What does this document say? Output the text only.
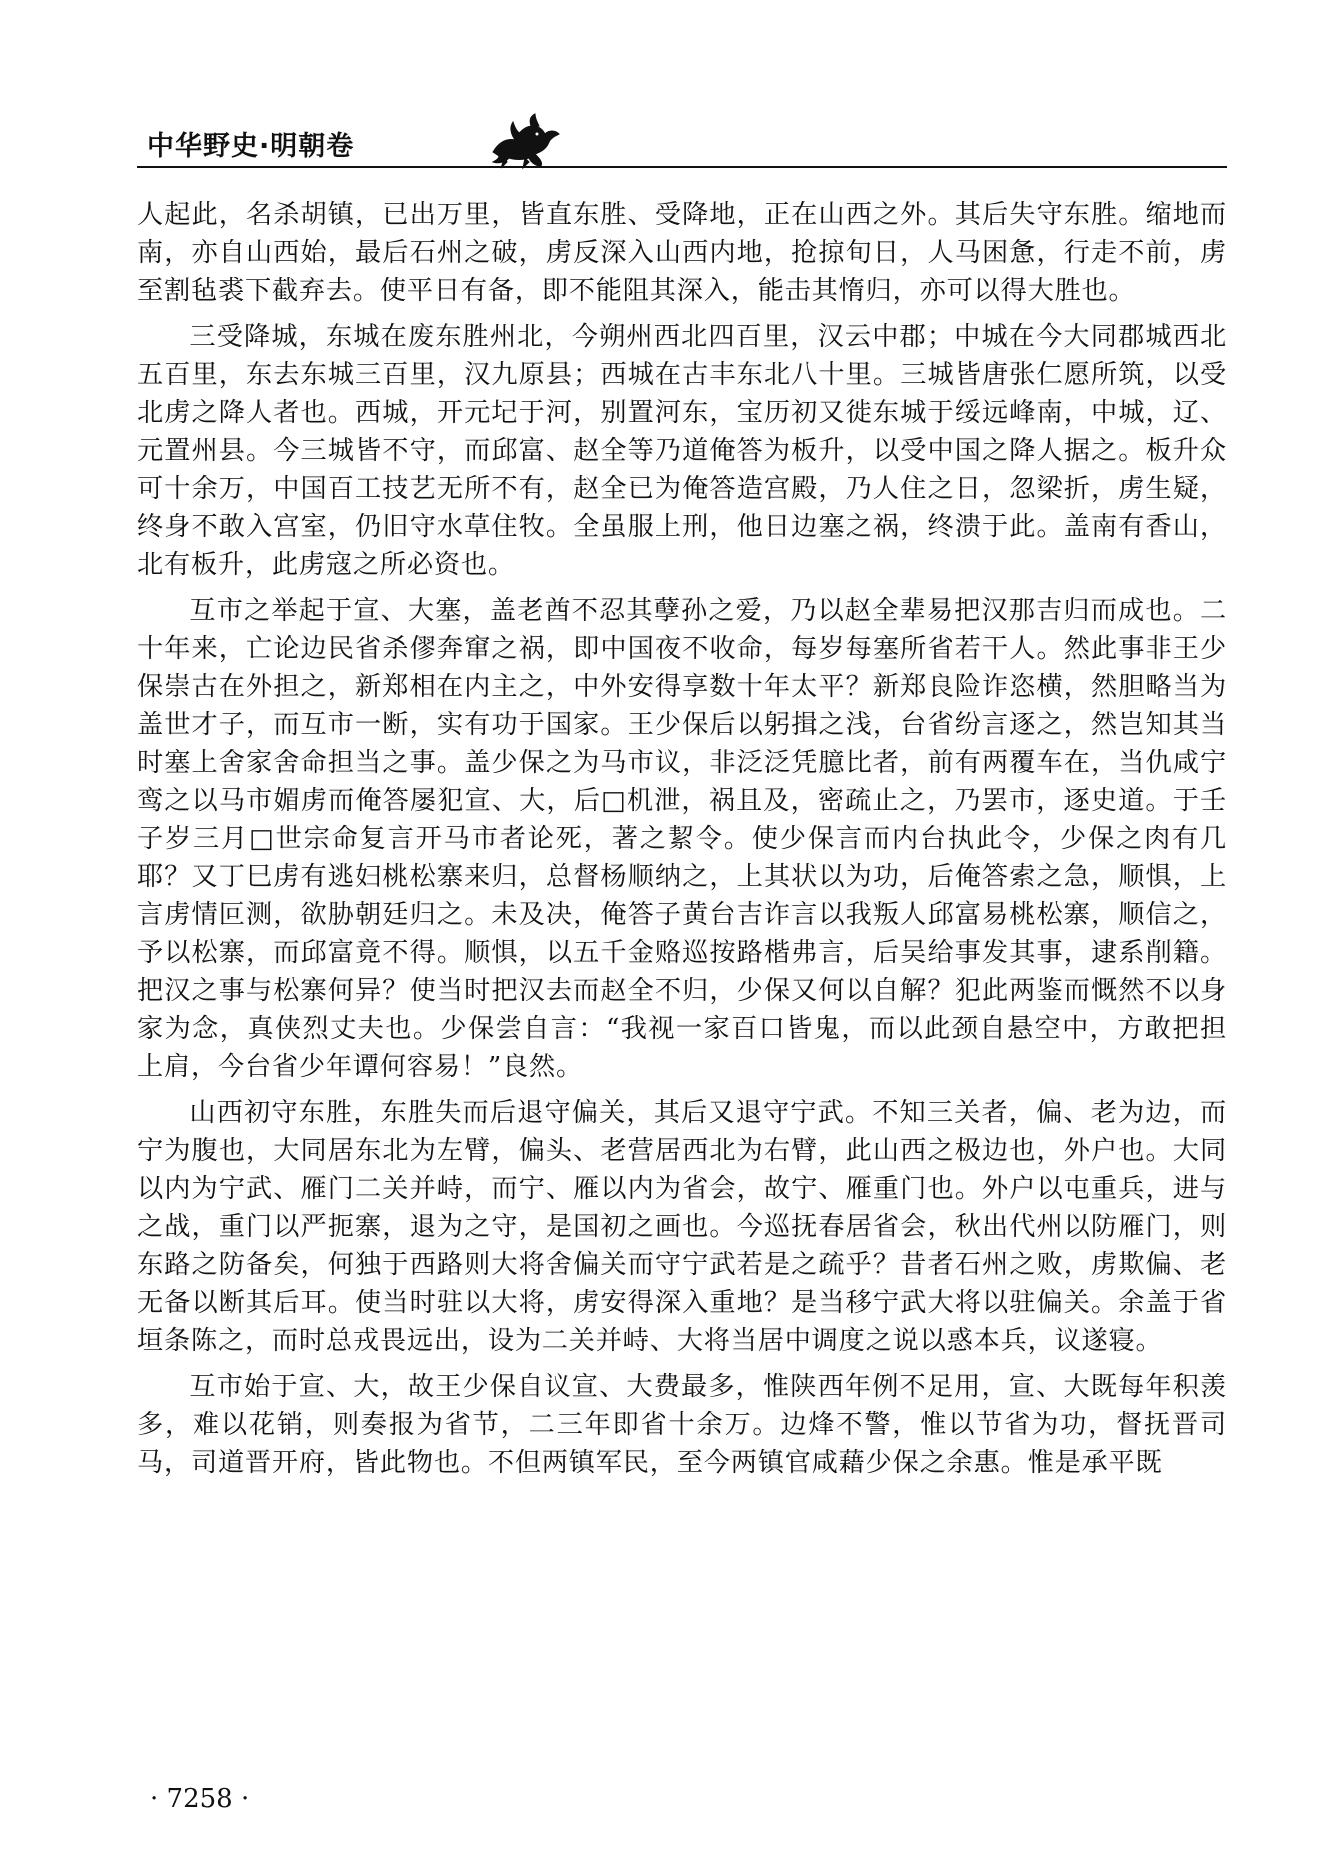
中华野史·明朝卷

人起此，名杀胡镇，已出万里，皆直东胜、受降地，正在山西之外。其后失守东胜。缩地而南，亦自山西始，最后石州之破，虏反深入山西内地，抢掠旬日，人马困惫，行走不前，虏至割毡裘下截弃去。使平日有备，即不能阻其深入，能击其惰归，亦可以得大胜也。

三受降城，东城在废东胜州北，今朔州西北四百里，汉云中郡；中城在今大同郡城西北五百里，东去东城三百里，汉九原县；西城在古丰东北八十里。三城皆唐张仁愿所筑，以受北虏之降人者也。西城，开元圮于河，别置河东，宝历初又徙东城于绥远峰南，中城，辽、元置州县。今三城皆不守，而邱富、赵全等乃道俺答为板升，以受中国之降人据之。板升众可十余万，中国百工技艺无所不有，赵全已为俺答造宫殿，乃人住之日，忽梁折，虏生疑，终身不敢入宫室，仍旧守水草住牧。全虽服上刑，他日边塞之祸，终溃于此。盖南有香山，北有板升，此虏寇之所必资也。

互市之举起于宣、大塞，盖老酋不忍其孽孙之爱，乃以赵全辈易把汉那吉归而成也。二十年来，亡论边民省杀僇奔窜之祸，即中国夜不收命，每岁每塞所省若干人。然此事非王少保崇古在外担之，新郑相在内主之，中外安得享数十年太平？新郑良险诈恣横，然胆略当为盖世才子，而互市一断，实有功于国家。王少保后以躬揖之浅，台省纷言逐之，然岂知其当时塞上舍家舍命担当之事。盖少保之为马市议，非泛泛凭臆比者，前有两覆车在，当仇咸宁鸾之以马市媚虏而俺答屡犯宣、大，后□机泄，祸且及，密疏止之，乃罢市，逐史道。于壬子岁三月□世宗命复言开马市者论死，著之絜令。使少保言而内台执此令，少保之肉有几耶？又丁巳虏有逃妇桃松寨来归，总督杨顺纳之，上其状以为功，后俺答索之急，顺惧，上言虏情叵测，欲胁朝廷归之。未及决，俺答子黄台吉诈言以我叛人邱富易桃松寨，顺信之，予以松寨，而邱富竟不得。顺惧，以五千金赂巡按路楷弗言，后吴给事发其事，逮系削籍。把汉之事与松寨何异？使当时把汉去而赵全不归，少保又何以自解？犯此两鉴而慨然不以身家为念，真侠烈丈夫也。少保尝自言：“我视一家百口皆鬼，而以此颈自悬空中，方敢把担上肩，今台省少年谭何容易！”良然。

山西初守东胜，东胜失而后退守偏关，其后又退守宁武。不知三关者，偏、老为边，而宁为腹也，大同居东北为左臂，偏头、老营居西北为右臂，此山西之极边也，外户也。大同以内为宁武、雁门二关并峙，而宁、雁以内为省会，故宁、雁重门也。外户以屯重兵，进与之战，重门以严扼寨，退为之守，是国初之画也。今巡抚春居省会，秋出代州以防雁门，则东路之防备矣，何独于西路则大将舍偏关而守宁武若是之疏乎？昔者石州之败，虏欺偏、老无备以断其后耳。使当时驻以大将，虏安得深入重地？是当移宁武大将以驻偏关。余盖于省垣条陈之，而时总戎畏远出，设为二关并峙、大将当居中调度之说以惑本兵，议遂寝。

互市始于宣、大，故王少保自议宣、大费最多，惟陕西年例不足用，宣、大既每年积羡多，难以花销，则奏报为省节，二三年即省十余万。边烽不警，惟以节省为功，督抚晋司马，司道晋开府，皆此物也。不但两镇军民，至今两镇官咸藉少保之余惠。惟是承平既

· 7258 ·
